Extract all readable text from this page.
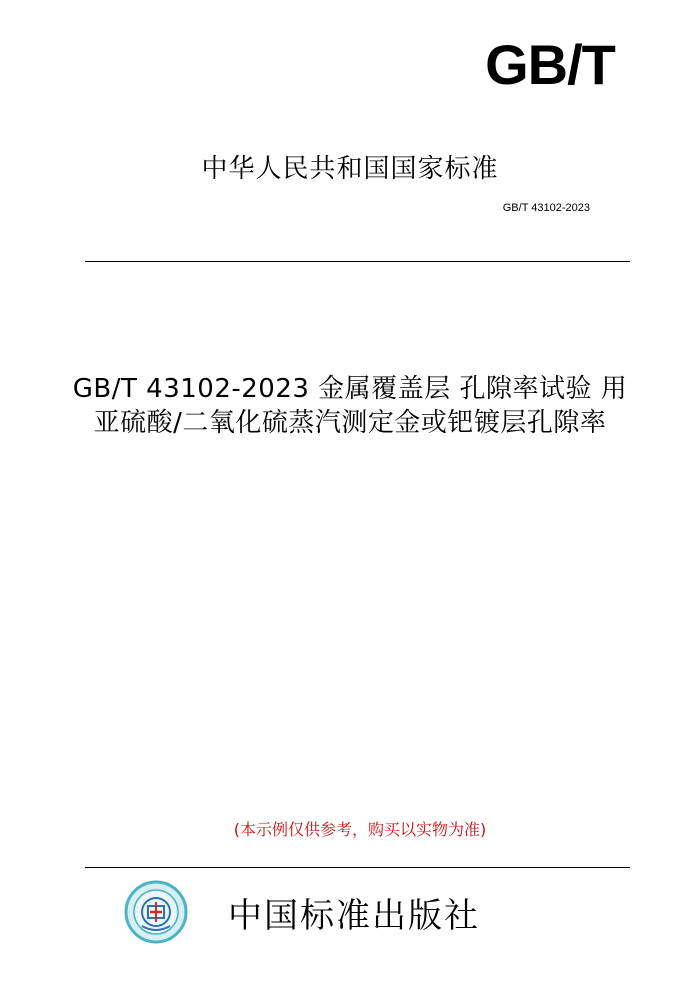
GB/T
中华人民共和国国家标准
GB/T 43102-2023
GB/T 43102-2023 金属覆盖层 孔隙率试验 用
亚硫酸/二氧化硫蒸汽测定金或钯镀层孔隙率
(本示例仅供参考，购买以实物为准)
中国标准出版社
